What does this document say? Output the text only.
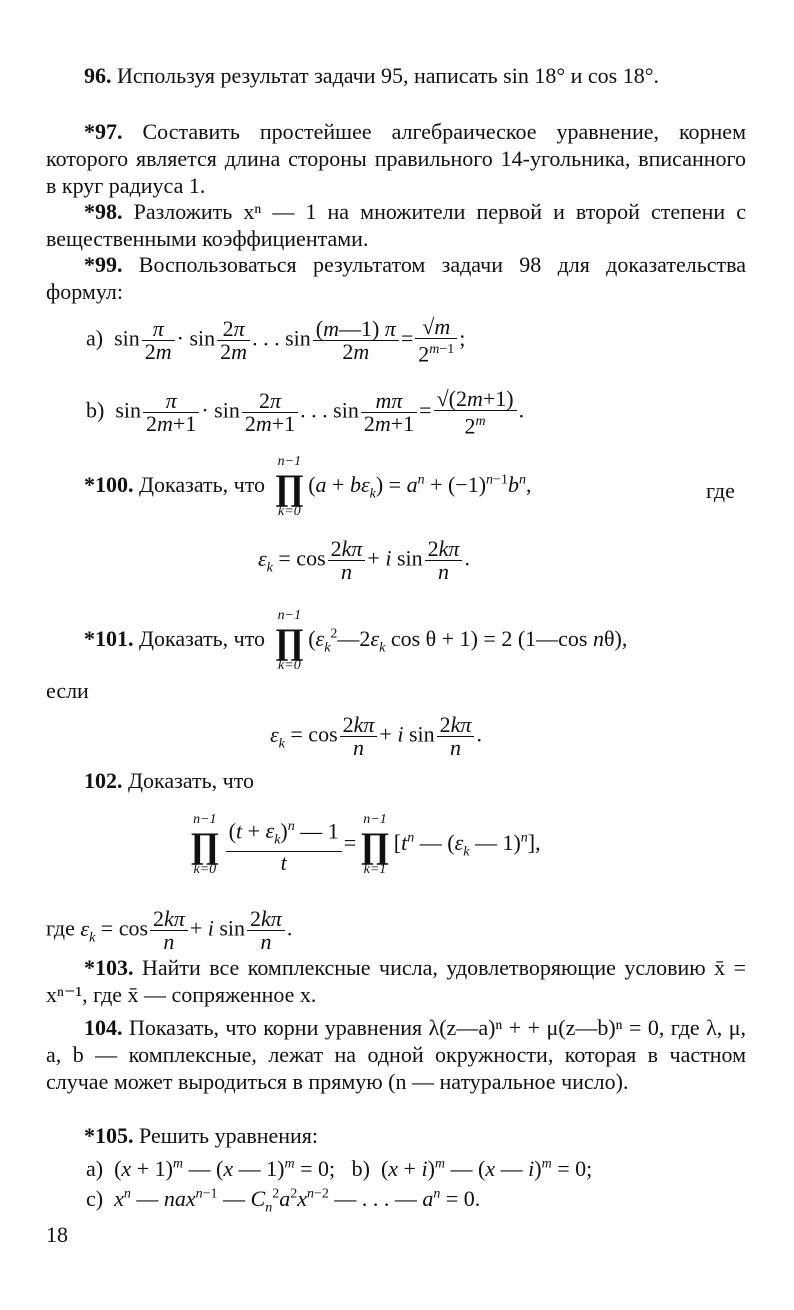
96. Используя результат задачи 95, написать sin 18° и cos 18°.
*97. Составить простейшее алгебраическое уравнение, корнем которого является длина стороны правильного 14-угольника, вписанного в круг радиуса 1.
*98. Разложить xⁿ — 1 на множители первой и второй степени с вещественными коэффициентами.
*99. Воспользоваться результатом задачи 98 для доказательства формул:
a)  $\sin \frac{\pi}{2m} \cdot \sin \frac{2\pi}{2m}$ . . . $\sin \frac{(m—1) \pi}{2m} = \frac{√m}{2^{m-1}}$ ;
b)  $\sin \frac{\pi}{2m+1} \cdot \sin \frac{2\pi}{2m+1}$ . . . $\sin \frac{m\pi}{2m+1} = \frac{√(2m+1)}{2^m}$ .
*100. Доказать, что
n−1
∏
k=0
$(a + b\varepsilon_k) = a^n + (-1)^{n-1}b^n$,	где
$\varepsilon_k = \cos \frac{2k\pi}{n} + i$ $\sin \frac{2k\pi}{n}$ .
*101. Доказать, что
n−1
∏
k=0
($\varepsilon_k^2—2\varepsilon_k$ cos θ + 1) = 2 (1—cos nθ),
если
$\varepsilon_k = \cos \frac{2k\pi}{n} + i$ $\sin \frac{2k\pi}{n}$ .
102. Доказать, что
n−1
∏
$k=0 \frac{(t + \varepsilon_k)^n — 1}{t}$ =
n−1
∏
k=1
[$t^n$ — ($\varepsilon_k$ — 1)$^n$],
где $\varepsilon_k = \cos \frac{2k\pi}{n} + i$ $\sin \frac{2k\pi}{n}$ .
*103. Найти все комплексные числа, удовлетворяющие условию x̄ = xⁿ⁻¹, где x̄ — сопряженное x.
104. Показать, что корни уравнения λ(z—a)ⁿ + + μ(z—b)ⁿ = 0, где λ, μ, a, b — комплексные, лежат на одной окружности, которая в частном случае может выродиться в прямую (n — натуральное число).
*105. Решить уравнения:
a)  $(x + 1)^m$ — (x — 1)$^m$ = 0;   b)  $(x + i)^m$ — (x — i)$^m$ = 0;
c) $x^n$ — nax$^{n-1}$ — $C_n^2a^2x^{n-2}$ — . . . — $a^n = 0$.
18
